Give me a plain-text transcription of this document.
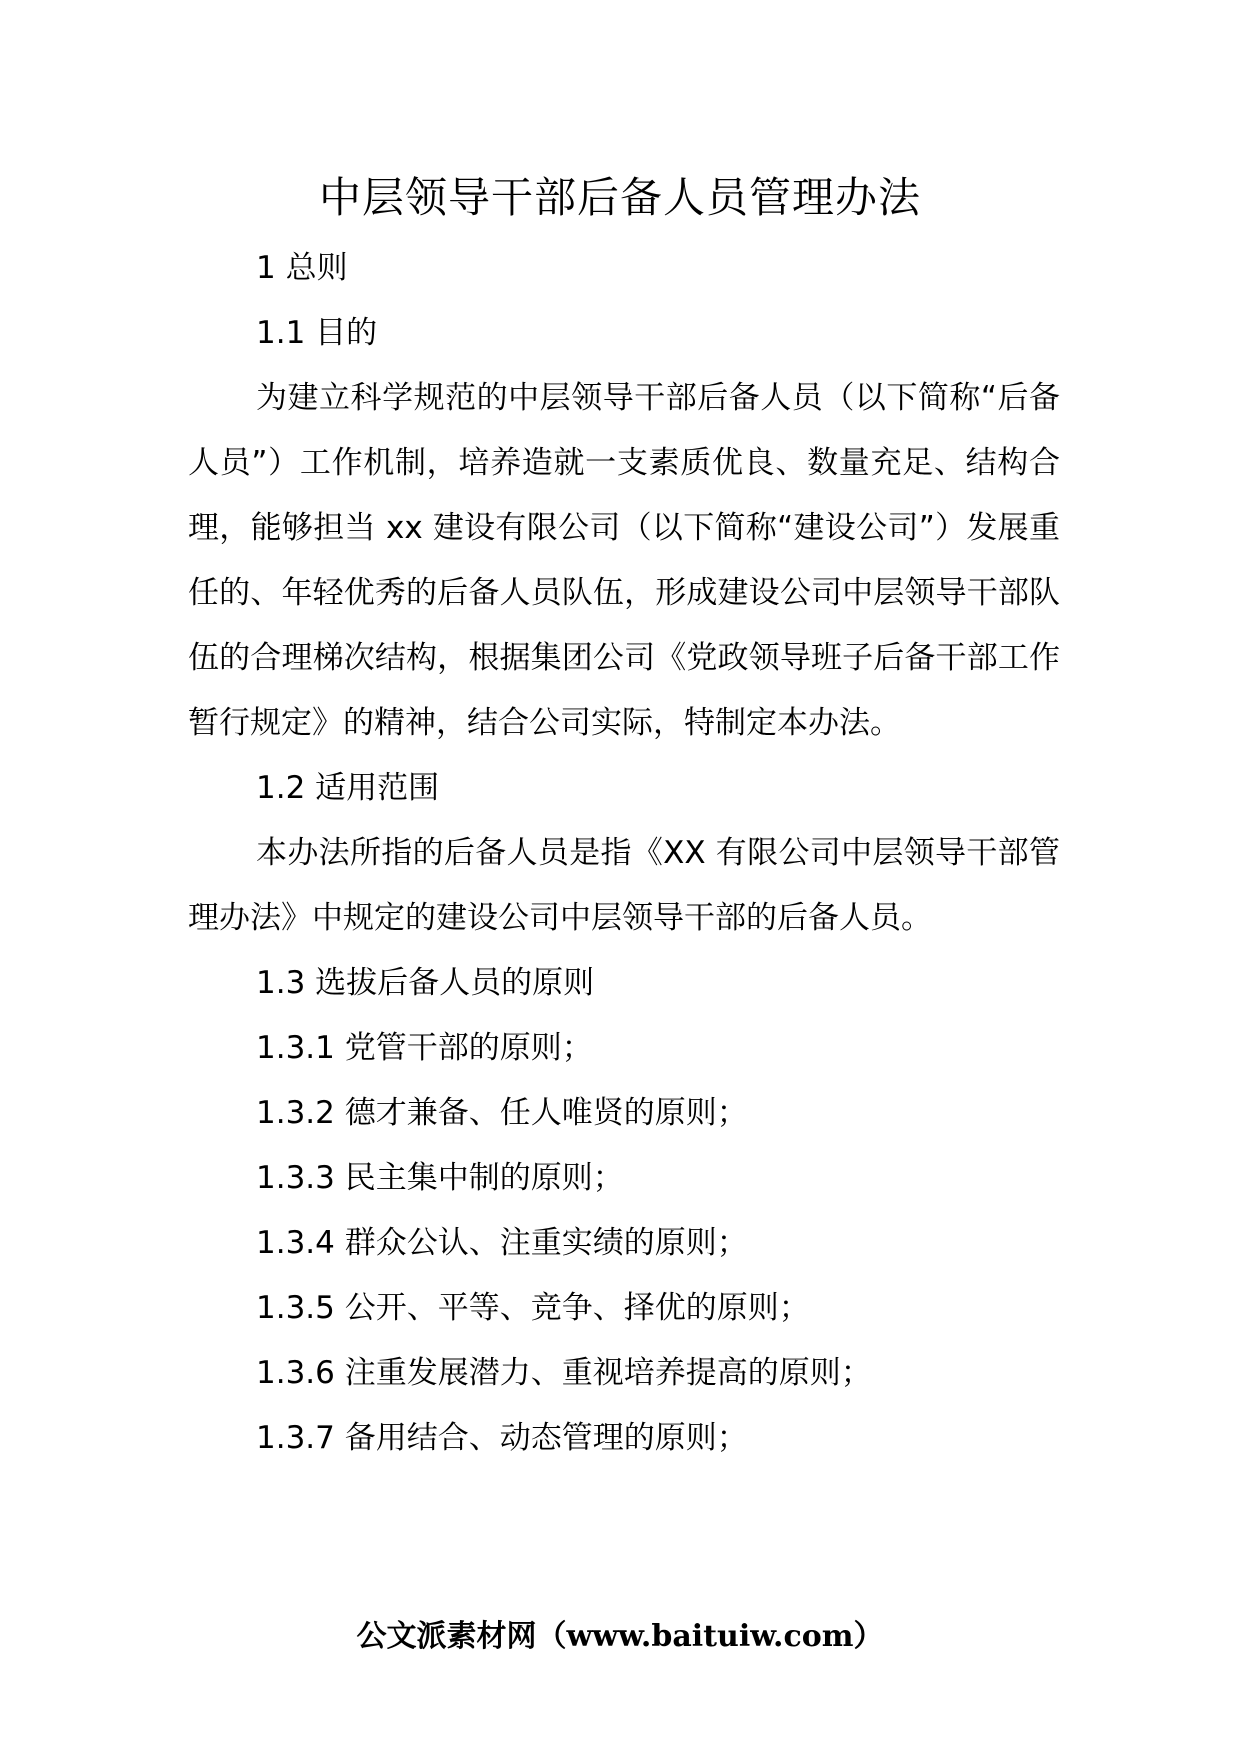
中层领导干部后备人员管理办法

1 总则

1.1 目的

为建立科学规范的中层领导干部后备人员（以下简称“后备人员”）工作机制，培养造就一支素质优良、数量充足、结构合理，能够担当 xx 建设有限公司（以下简称“建设公司”）发展重任的、年轻优秀的后备人员队伍，形成建设公司中层领导干部队伍的合理梯次结构，根据集团公司《党政领导班子后备干部工作暂行规定》的精神，结合公司实际，特制定本办法。

1.2 适用范围

本办法所指的后备人员是指《XX 有限公司中层领导干部管理办法》中规定的建设公司中层领导干部的后备人员。

1.3 选拔后备人员的原则

1.3.1 党管干部的原则；

1.3.2 德才兼备、任人唯贤的原则；

1.3.3 民主集中制的原则；

1.3.4 群众公认、注重实绩的原则；

1.3.5 公开、平等、竞争、择优的原则；

1.3.6 注重发展潜力、重视培养提高的原则；

1.3.7 备用结合、动态管理的原则；

公文派素材网（www.baituiw.com）
